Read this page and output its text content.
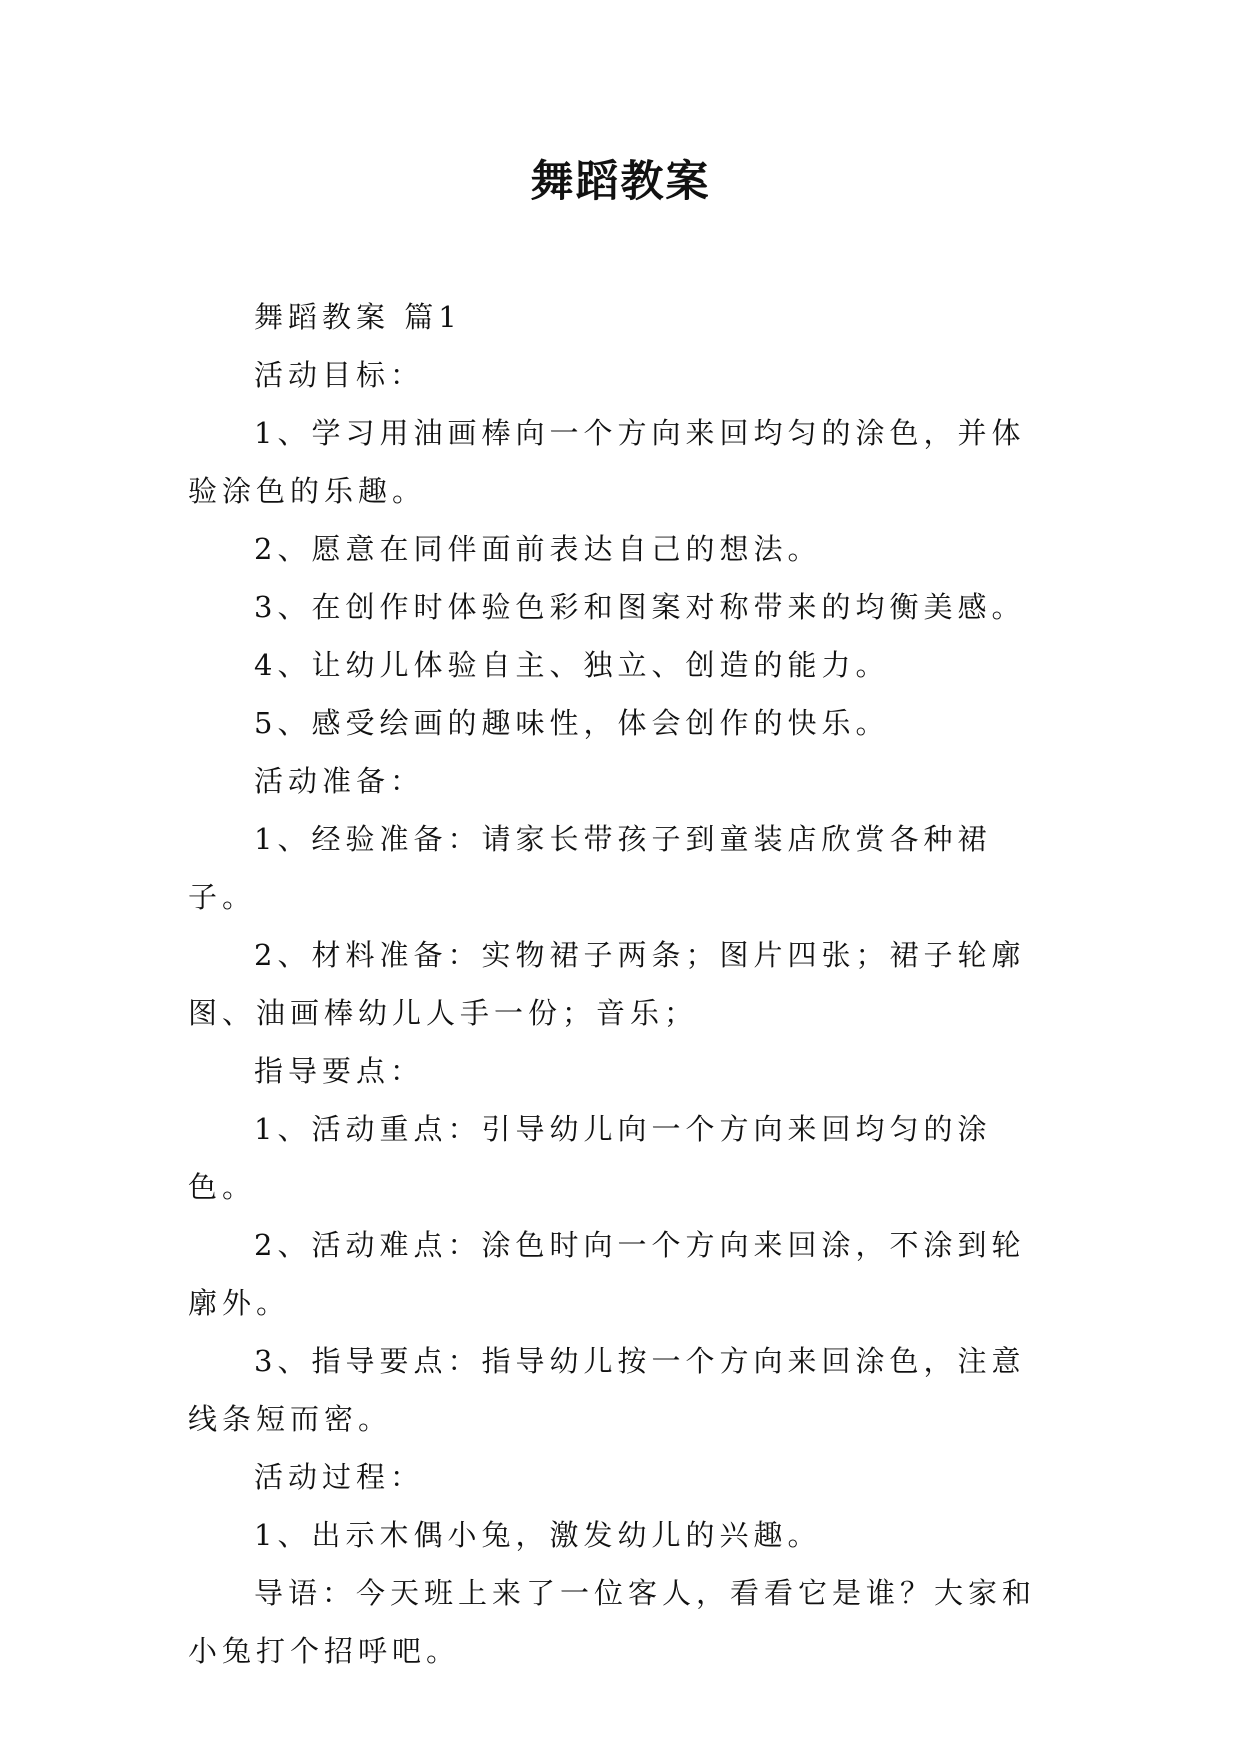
舞蹈教案

舞蹈教案 篇1

活动目标：

1、学习用油画棒向一个方向来回均匀的涂色，并体验涂色的乐趣。

2、愿意在同伴面前表达自己的想法。

3、在创作时体验色彩和图案对称带来的均衡美感。

4、让幼儿体验自主、独立、创造的能力。

5、感受绘画的趣味性，体会创作的快乐。

活动准备：

1、经验准备：请家长带孩子到童装店欣赏各种裙子。

2、材料准备：实物裙子两条；图片四张；裙子轮廓图、油画棒幼儿人手一份；音乐；

指导要点：

1、活动重点：引导幼儿向一个方向来回均匀的涂色。

2、活动难点：涂色时向一个方向来回涂，不涂到轮廓外。

3、指导要点：指导幼儿按一个方向来回涂色，注意线条短而密。

活动过程：

1、出示木偶小兔，激发幼儿的兴趣。

导语：今天班上来了一位客人，看看它是谁？大家和小兔打个招呼吧。
